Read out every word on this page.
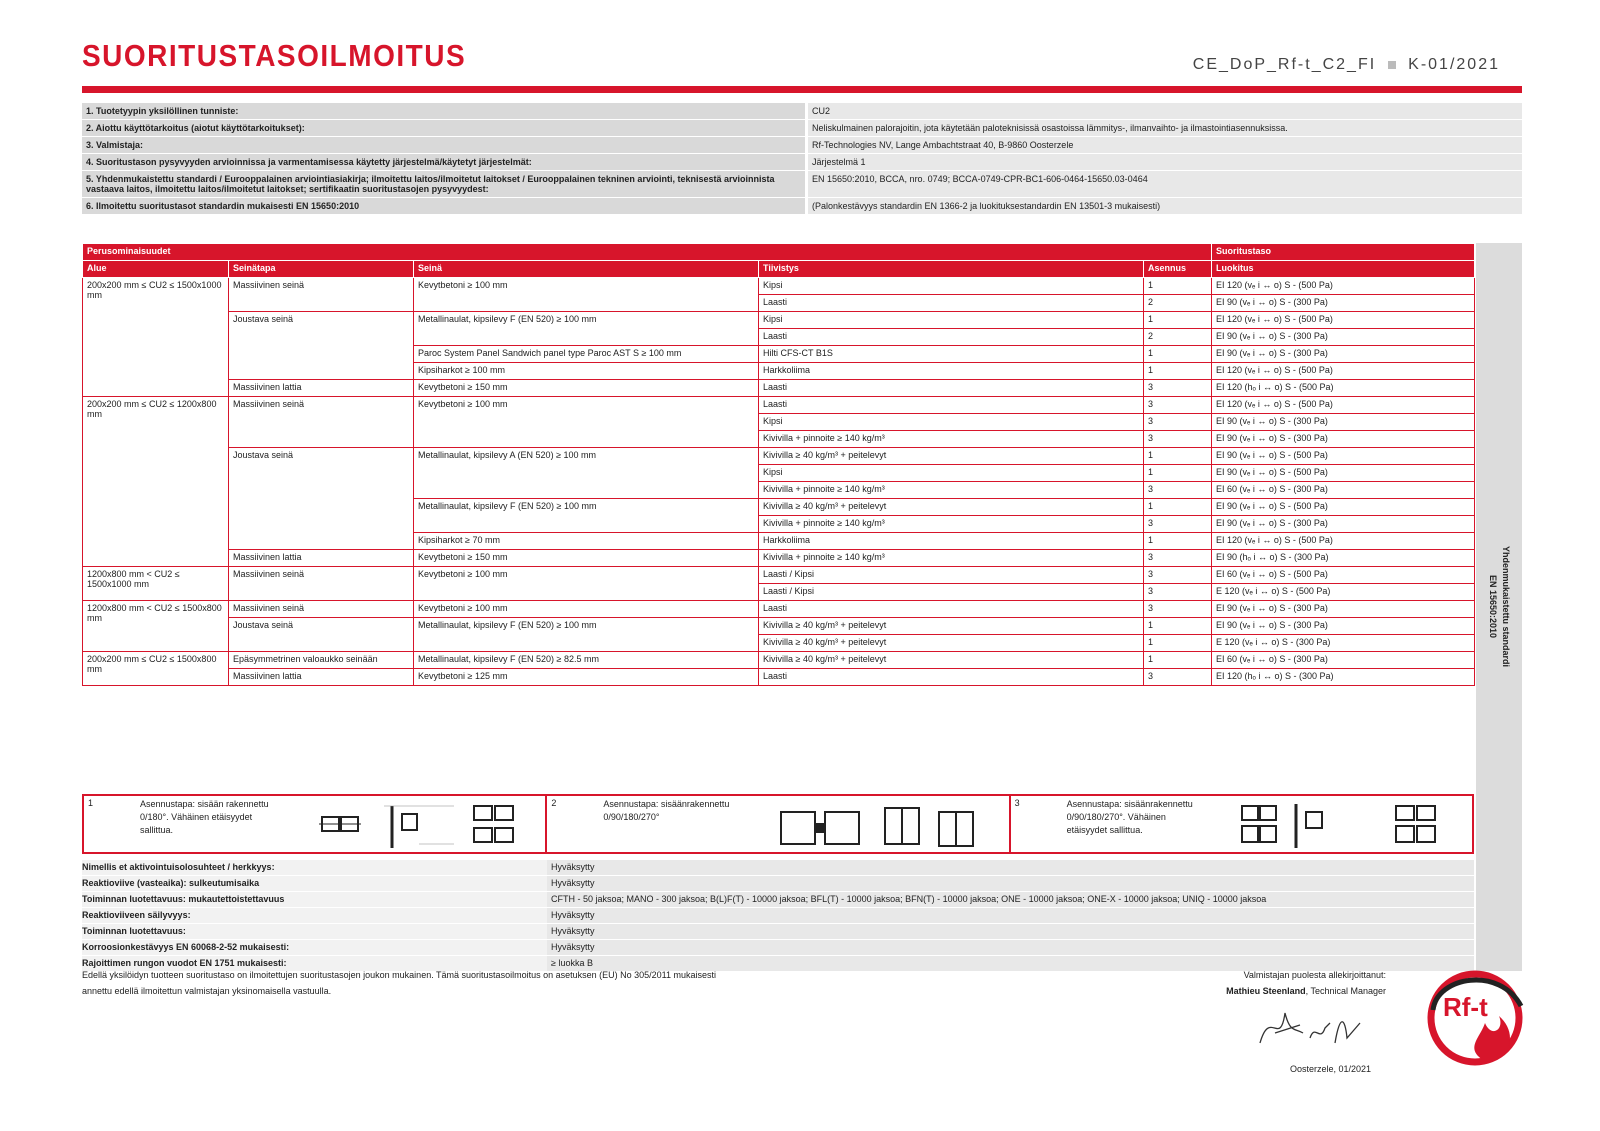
SUORITUSTASOILMOITUS	CE_DoP_Rf-t_C2_FI K-01/2021
1. Tuotetyypin yksilöllinen tunniste:	CU2
2. Aiottu käyttötarkoitus (aiotut käyttötarkoitukset):	Neliskulmainen palorajoitin, jota käytetään paloteknisissä osastoissa lämmitys-, ilmanvaihto- ja ilmastointiasennuksissa.
3. Valmistaja:	Rf-Technologies NV, Lange Ambachtstraat 40, B-9860 Oosterzele
4. Suoritustason pysyvyyden arvioinnissa ja varmentamisessa käytetty järjestelmä/käytetyt järjestelmät:	Järjestelmä 1
5. Yhdenmukaistettu standardi / Eurooppalainen arviointiasiakirja; ilmoitettu laitos/ilmoitetut laitokset / Eurooppalainen tekninen arviointi, teknisestä arvioinnista vastaava laitos, ilmoitettu laitos/ilmoitetut laitokset; sertifikaatin suoritustasojen pysyvyydest:
EN 15650:2010, BCCA, nro. 0749; BCCA-0749-CPR-BC1-606-0464-15650.03-0464
6. Ilmoitettu suoritustasot standardin mukaisesti EN 15650:2010	(Palonkestävyys standardin EN 1366-2 ja luokituksestandardin EN 13501-3 mukaisesti)
Perusominaisuudet					Suoritustaso
Alue	Seinätapa	Seinä	Tiivistys	Asennus	Luokitus
200x200 mm ≤ CU2 ≤ 1500x1000 mm	Massiivinen seinä	Kevytbetoni ≥ 100 mm	Kipsi	1	EI 120 (vₑ i ↔ o) S - (500 Pa)
			Laasti	2	EI 90 (vₑ i ↔ o) S - (300 Pa)
	Joustava seinä	Metallinaulat, kipsilevy F (EN 520) ≥ 100 mm	Kipsi	1	EI 120 (vₑ i ↔ o) S - (500 Pa)
			Laasti	2	EI 90 (vₑ i ↔ o) S - (300 Pa)
		Paroc System Panel Sandwich panel type Paroc AST S ≥ 100 mm	Hilti CFS-CT B1S	1	EI 90 (vₑ i ↔ o) S - (300 Pa)
		Kipsiharkot ≥ 100 mm	Harkkoliima	1	EI 120 (vₑ i ↔ o) S - (500 Pa)
	Massiivinen lattia	Kevytbetoni ≥ 150 mm	Laasti	3	EI 120 (hₒ i ↔ o) S - (500 Pa)
200x200 mm ≤ CU2 ≤ 1200x800 mm	Massiivinen seinä	Kevytbetoni ≥ 100 mm	Laasti	3	EI 120 (vₑ i ↔ o) S - (500 Pa)
			Kipsi	3	EI 90 (vₑ i ↔ o) S - (300 Pa)
			Kivivilla + pinnoite ≥ 140 kg/m³	3	EI 90 (vₑ i ↔ o) S - (300 Pa)
	Joustava seinä	Metallinaulat, kipsilevy A (EN 520) ≥ 100 mm	Kivivilla ≥ 40 kg/m³ + peitelevyt	1	EI 90 (vₑ i ↔ o) S - (500 Pa)
			Kipsi	1	EI 90 (vₑ i ↔ o) S - (500 Pa)
			Kivivilla + pinnoite ≥ 140 kg/m³	3	EI 60 (vₑ i ↔ o) S - (300 Pa)
		Metallinaulat, kipsilevy F (EN 520) ≥ 100 mm	Kivivilla ≥ 40 kg/m³ + peitelevyt	1	EI 90 (vₑ i ↔ o) S - (500 Pa)
			Kivivilla + pinnoite ≥ 140 kg/m³	3	EI 90 (vₑ i ↔ o) S - (300 Pa)
		Kipsiharkot ≥ 70 mm	Harkkoliima	1	EI 120 (vₑ i ↔ o) S - (500 Pa)
	Massiivinen lattia	Kevytbetoni ≥ 150 mm	Kivivilla + pinnoite ≥ 140 kg/m³	3	EI 90 (hₒ i ↔ o) S - (300 Pa)
1200x800 mm < CU2 ≤ 1500x1000 mm	Massiivinen seinä	Kevytbetoni ≥ 100 mm	Laasti / Kipsi	3	EI 60 (vₑ i ↔ o) S - (500 Pa)
			Laasti / Kipsi	3	E 120 (vₑ i ↔ o) S - (500 Pa)
1200x800 mm < CU2 ≤ 1500x800 mm	Massiivinen seinä	Kevytbetoni ≥ 100 mm	Laasti	3	EI 90 (vₑ i ↔ o) S - (300 Pa)
	Joustava seinä	Metallinaulat, kipsilevy F (EN 520) ≥ 100 mm	Kivivilla ≥ 40 kg/m³ + peitelevyt	1	EI 90 (vₑ i ↔ o) S - (300 Pa)
			Kivivilla ≥ 40 kg/m³ + peitelevyt	1	E 120 (vₑ i ↔ o) S - (300 Pa)
200x200 mm ≤ CU2 ≤ 1500x800 mm	Epäsymmetrinen valoaukko seinään	Metallinaulat, kipsilevy F (EN 520) ≥ 82.5 mm	Kivivilla ≥ 40 kg/m³ + peitelevyt	1	EI 60 (vₑ i ↔ o) S - (300 Pa)
	Massiivinen lattia	Kevytbetoni ≥ 125 mm	Laasti	3	EI 120 (hₒ i ↔ o) S - (300 Pa)
Yhdenmukaistettu standardi
EN 15650:2010
1	Asennustapa: sisään rakennettu 0/180°. Vähäinen etäisyydet sallittua.
2	Asennustapa: sisäänrakennettu 0/90/180/270°
3	Asennustapa: sisäänrakennettu 0/90/180/270°. Vähäinen etäisyydet sallittua.
Nimellis et aktivointuisolosuhteet / herkkyys:	Hyväksytty
Reaktioviive (vasteaika): sulkeutumisaika	Hyväksytty
Toiminnan luotettavuus: mukautettoistettavuus	CFTH - 50 jaksoa; MANO - 300 jaksoa; B(L)F(T) - 10000 jaksoa; BFL(T) - 10000 jaksoa; BFN(T) - 10000 jaksoa; ONE - 10000 jaksoa; ONE-X - 10000 jaksoa; UNIQ - 10000 jaksoa
Reaktioviiveen säilyvyys:	Hyväksytty
Toiminnan luotettavuus:	Hyväksytty
Korroosionkestävyys EN 60068-2-52 mukaisesti:	Hyväksytty
Rajoittimen rungon vuodot EN 1751 mukaisesti:	≥ luokka B
Edellä yksilöidyn tuotteen suoritustaso on ilmoitettujen suoritustasojen joukon mukainen. Tämä suoritustasoilmoitus on asetuksen (EU) No 305/2011 mukaisesti annettu edellä ilmoitettun valmistajan yksinomaisella vastuulla.
Valmistajan puolesta allekirjoittanut:
Mathieu Steenland, Technical Manager
Oosterzele, 01/2021
Rf-t
